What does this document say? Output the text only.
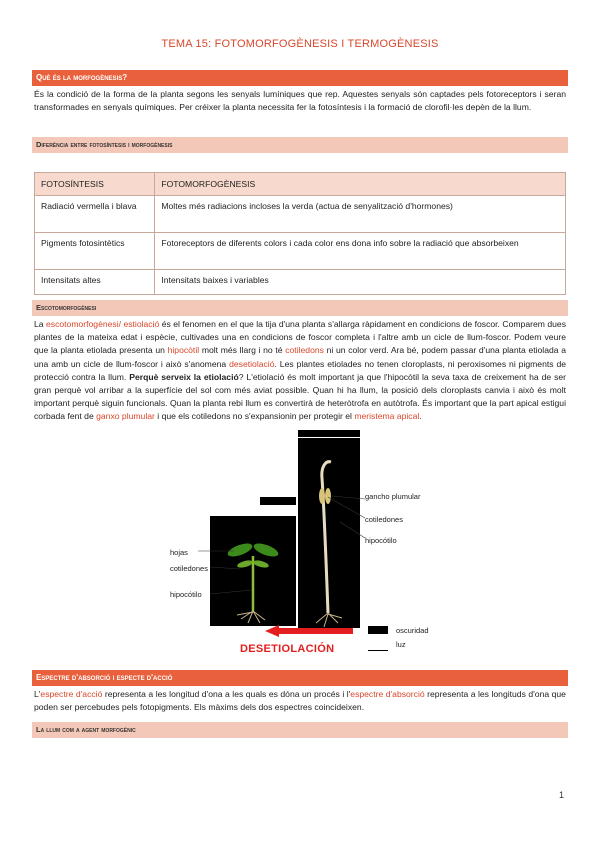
TEMA 15: FOTOMORFOGÈNESIS I TERMOGÈNESIS
Què és la morfogènesis?
És la condició de la forma de la planta segons les senyals lumíniques que rep. Aquestes senyals són captades pels fotoreceptors i seran transformades en senyals químiques. Per créixer la planta necessita fer la fotosíntesis i la formació de clorofil·les depèn de la llum.
Diferència entre fotosíntesis i morfogènesis
FOTOSÍNTESIS	FOTOMORFOGÈNESIS
Radiació vermella i blava	Moltes més radiacions incloses la verda (actua de senyalització d'hormones)
Pigments fotosintètics	Fotoreceptors de diferents colors i cada color ens dona info sobre la radiació que absorbeixen
Intensitats altes	Intensitats baixes i variables
Escotomorfogènesi
La escotomorfogènesi/ estiolació és el fenomen en el que la tija d'una planta s'allarga ràpidament en condicions de foscor. Comparem dues plantes de la mateixa edat i espècie, cultivades una en condicions de foscor completa i l'altre amb un cicle de llum-foscor. Podem veure que la planta etiolada presenta un hipocòtil molt més llarg i no té cotiledons ni un color verd. Ara bé, podem passar d'una planta etiolada a una amb un cicle de llum-foscor i això s'anomena desetiolació. Les plantes etiolades no tenen cloroplasts, ni peroxisomes ni pigments de protecció contra la llum. Perquè serveix la etiolació? L'etiolació és molt important ja que l'hipocòtil la seva taxa de creixement ha de ser gran perquè vol arribar a la superfície del sol com més aviat possible. Quan hi ha llum, la posició dels cloroplasts canvia i això és molt important perquè siguin funcionals. Quan la planta rebi llum es convertirà de heteròtrofa en autòtrofa. És important que la part apical estigui corbada fent de ganxo plumular i que els cotiledons no s'expansionin per protegir el meristema apical.
hojas
cotiledones
hipocótilo
gancho plumular
cotiledones
hipocótilo
oscuridad
luz
DESETIOLACIÓN
Espectre d'absorció i especte d'acció
L'espectre d'acció representa a les longitud d'ona a les quals es dóna un procés i l'espectre d'absorció representa a les longituds d'ona que poden ser percebudes pels fotopigments. Els màxims dels dos espectres coincideixen.
La llum com a agent morfogènic
1
